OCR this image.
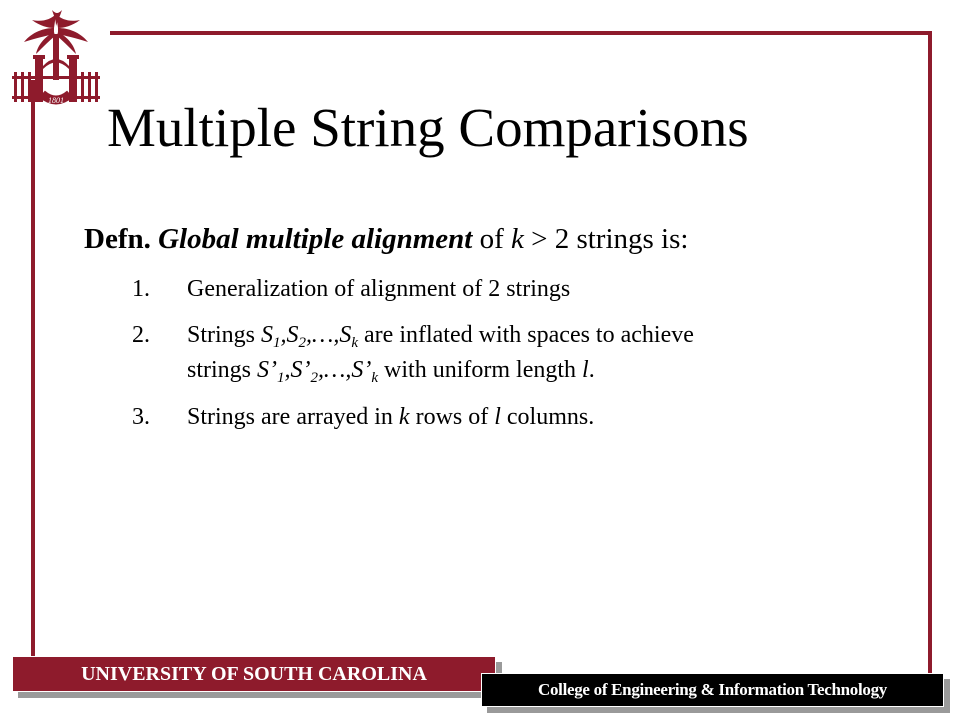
1801 Multiple String Comparisons
Defn. Global multiple alignment of k > 2 strings is:
1. Generalization of alignment of 2 strings
2. Strings $S_1,S_2,\dots,S_k$ are inflated with spaces to achieve
strings $S’_1,S’_2,\dots,S’_k$ with uniform length l.
3. Strings are arrayed in k rows of l columns.
UNIVERSITY OF SOUTH CAROLINA
College of Engineering & Information Technology
